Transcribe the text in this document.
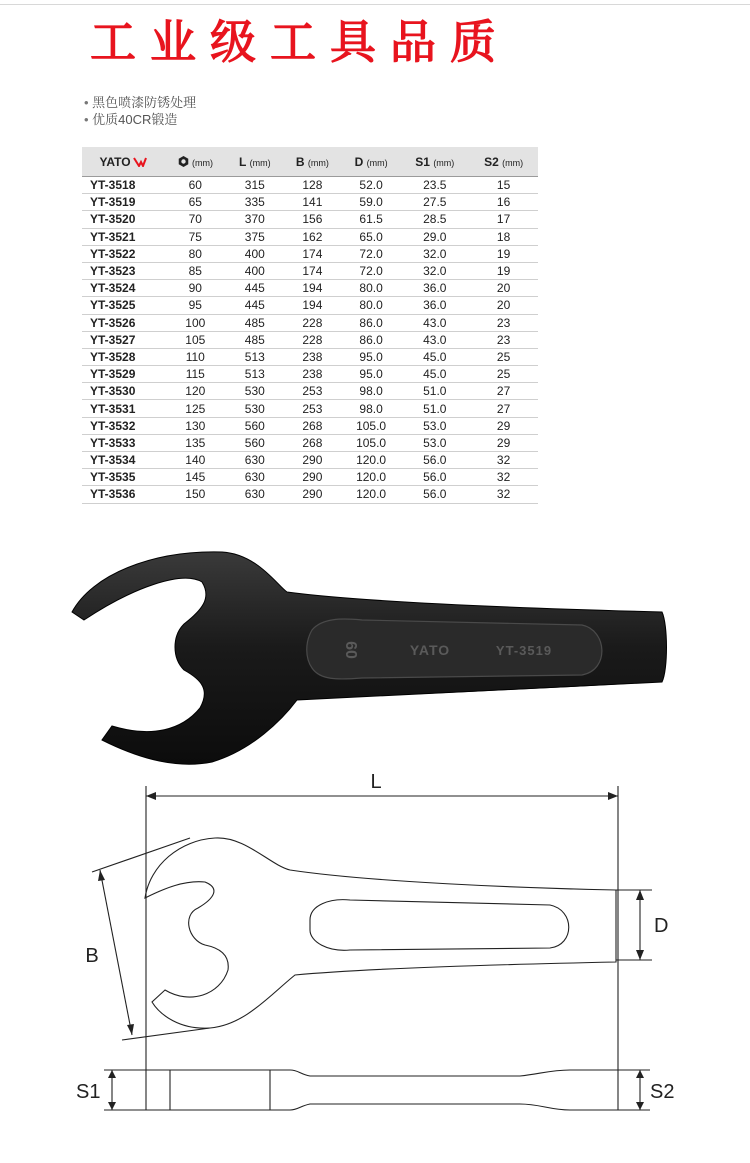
工业级工具品质
• 黑色喷漆防锈处理
• 优质40CR锻造
YATO	(mm)	L (mm)	B (mm)	D (mm)	S1 (mm)	S2 (mm)
YT-3518	60	315	128	52.0	23.5	15
YT-3519	65	335	141	59.0	27.5	16
YT-3520	70	370	156	61.5	28.5	17
YT-3521	75	375	162	65.0	29.0	18
YT-3522	80	400	174	72.0	32.0	19
YT-3523	85	400	174	72.0	32.0	19
YT-3524	90	445	194	80.0	36.0	20
YT-3525	95	445	194	80.0	36.0	20
YT-3526	100	485	228	86.0	43.0	23
YT-3527	105	485	228	86.0	43.0	23
YT-3528	110	513	238	95.0	45.0	25
YT-3529	115	513	238	95.0	45.0	25
YT-3530	120	530	253	98.0	51.0	27
YT-3531	125	530	253	98.0	51.0	27
YT-3532	130	560	268	105.0	53.0	29
YT-3533	135	560	268	105.0	53.0	29
YT-3534	140	630	290	120.0	56.0	32
YT-3535	145	630	290	120.0	56.0	32
YT-3536	150	630	290	120.0	56.0	32
60	YATO	YT-3519
L
B
D
S1	S2
